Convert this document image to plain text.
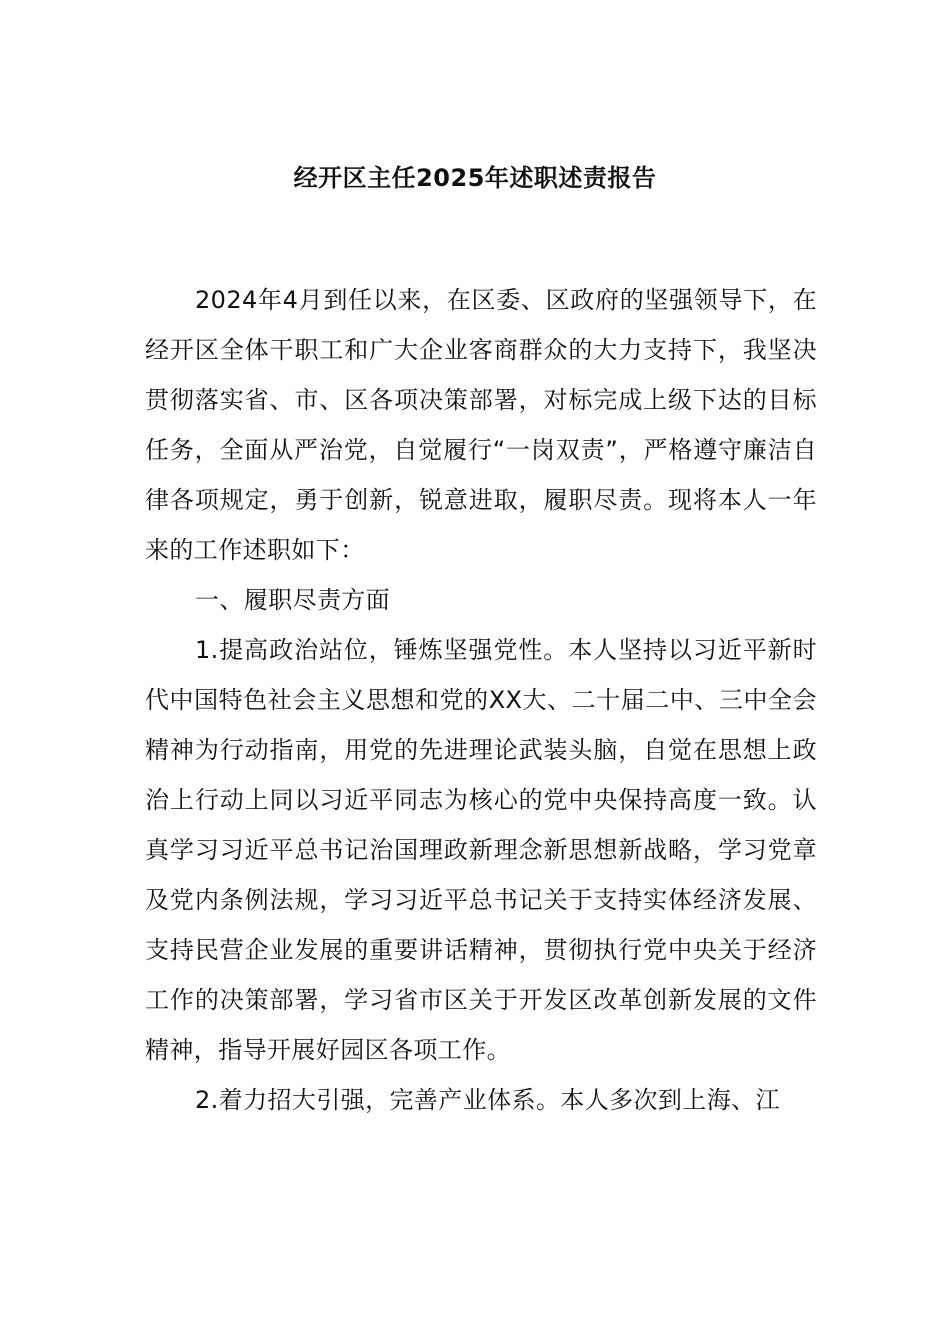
经开区主任2025年述职述责报告

2024年4月到任以来，在区委、区政府的坚强领导下，在经开区全体干职工和广大企业客商群众的大力支持下，我坚决贯彻落实省、市、区各项决策部署，对标完成上级下达的目标任务，全面从严治党，自觉履行“一岗双责”，严格遵守廉洁自律各项规定，勇于创新，锐意进取，履职尽责。现将本人一年来的工作述职如下：

一、履职尽责方面

1.提高政治站位，锤炼坚强党性。本人坚持以习近平新时代中国特色社会主义思想和党的XX大、二十届二中、三中全会精神为行动指南，用党的先进理论武装头脑，自觉在思想上政治上行动上同以习近平同志为核心的党中央保持高度一致。认真学习习近平总书记治国理政新理念新思想新战略，学习党章及党内条例法规，学习习近平总书记关于支持实体经济发展、支持民营企业发展的重要讲话精神，贯彻执行党中央关于经济工作的决策部署，学习省市区关于开发区改革创新发展的文件精神，指导开展好园区各项工作。

2.着力招大引强，完善产业体系。本人多次到上海、江
